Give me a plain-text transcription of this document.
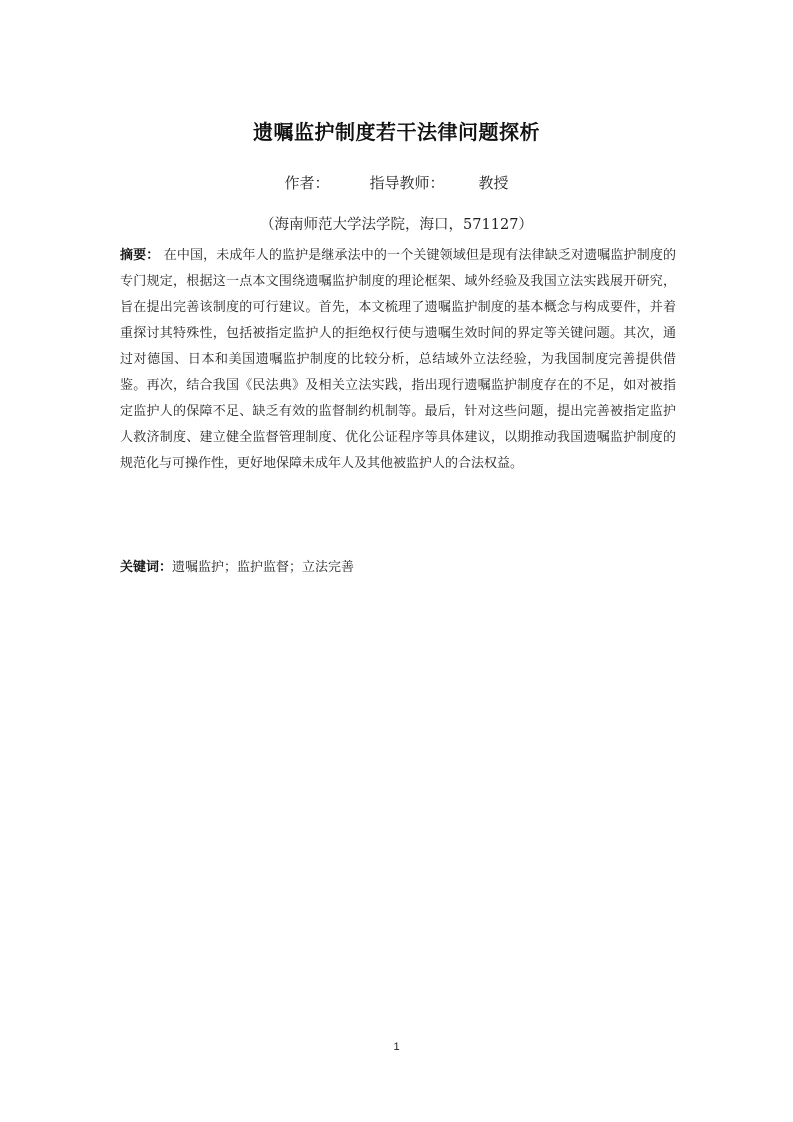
遗嘱监护制度若干法律问题探析
作者：	指导教师： 教授
（海南师范大学法学院，海口，571127）
摘要： 在中国，未成年人的监护是继承法中的一个关键领域但是现有法律缺乏对遗嘱监护制度的专门规定，根据这一点本文围绕遗嘱监护制度的理论框架、域外经验及我国立法实践展开研究，旨在提出完善该制度的可行建议。首先，本文梳理了遗嘱监护制度的基本概念与构成要件，并着重探讨其特殊性，包括被指定监护人的拒绝权行使与遗嘱生效时间的界定等关键问题。其次，通过对德国、日本和美国遗嘱监护制度的比较分析，总结域外立法经验，为我国制度完善提供借鉴。再次，结合我国《民法典》及相关立法实践，指出现行遗嘱监护制度存在的不足，如对被指定监护人的保障不足、缺乏有效的监督制约机制等。最后，针对这些问题，提出完善被指定监护人救济制度、建立健全监督管理制度、优化公证程序等具体建议，以期推动我国遗嘱监护制度的规范化与可操作性，更好地保障未成年人及其他被监护人的合法权益。
关键词：遗嘱监护；监护监督；立法完善
1
